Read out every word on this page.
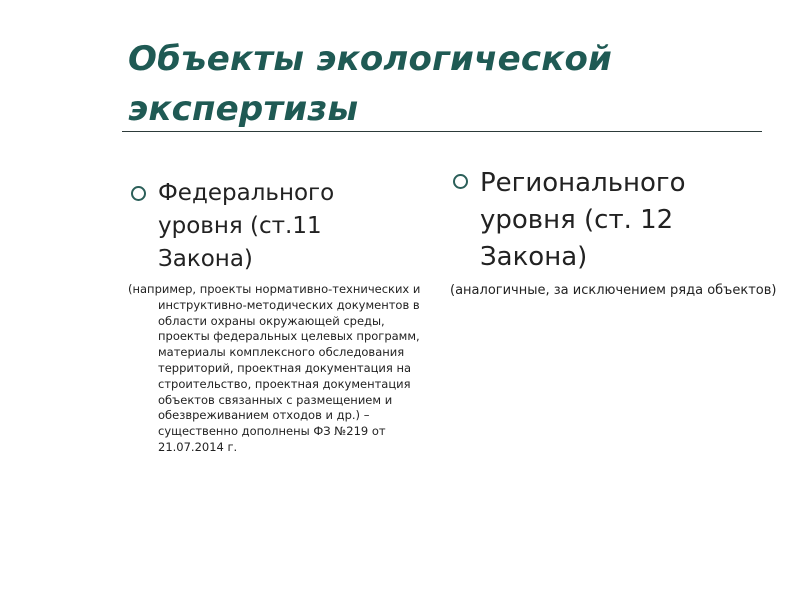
Объекты экологической экспертизы
Федерального уровня (ст.11 Закона)
(например, проекты нормативно-технических и инструктивно-методических документов в области охраны окружающей среды, проекты федеральных целевых программ, материалы комплексного обследования территорий, проектная документация на строительство, проектная документация объектов связанных с размещением и обезвреживанием отходов и др.) – существенно дополнены ФЗ №219 от 21.07.2014 г.
Регионального уровня (ст. 12 Закона)
(аналогичные, за исключением ряда объектов)
